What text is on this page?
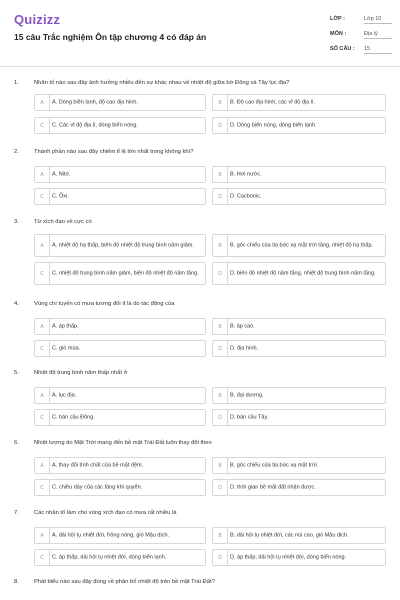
Quizizz
15 câu Trắc nghiệm Ôn tập chương 4 có đáp án
LỚP :	Lớp 10
MÔN :	Địa lý
SỐ CÂU : 15
1.	Nhân tố nào sau đây ảnh hưởng nhiều đến sự khác nhau về nhiệt độ giữa bờ Đông và Tây lục địa?
A	A. Dòng biển lạnh, độ cao địa hình.	B	B. Độ cao địa hình, các vĩ độ địa lí.
C	C. Các vĩ độ địa lí, dòng biển nóng.	D	D. Dòng biển nóng, dòng biển lạnh.
2.	Thành phần nào sau đây chiếm tỉ lệ lớn nhất trong không khí?
A	A. Nitơ.	B	B. Hơi nước.
C	C. Ôxi.	D	D. Cacbonic.
3.	Từ xích đạo về cực có
A	A. nhiệt độ hạ thấp, biên độ nhiệt độ trung bình năm giảm.	B	B. góc chiếu của tia bức xạ mặt trời tăng, nhiệt độ hạ thấp.
C	C. nhiệt độ trung bình năm giảm, biên độ nhiệt độ năm tăng.	D	D. biên độ nhiệt độ năm tăng, nhiệt độ trung bình năm tăng.
4.	Vùng chí tuyến có mưa tương đối ít là do tác động của
A	A. áp thấp.	B	B. áp cao.
C	C. gió mùa.	D	D. địa hình.
5.	Nhiệt độ trung bình năm thấp nhất ở
A	A. lục địa.	B	B. đại dương.
C	C. bán cầu Đông.	D	D. bán cầu Tây.
6.	Nhiệt lượng do Mặt Trời mang đến bề mặt Trái Đất luôn thay đổi theo
A	A. thay đổi tính chất của bề mặt đệm.	B	B. góc chiếu của tia bức xạ mặt trời.
C	C. chiều dày của các tầng khí quyển.	D	D. thời gian bề mặt đất nhận được.
7.	Các nhân tố làm cho vùng xích đạo có mưa rất nhiều là
A	A. dải hội tụ nhiệt đới, frông nóng, gió Mậu dịch.	B	B. dải hội tụ nhiệt đới, các núi cao, gió Mậu dịch.
C	C. áp thấp, dải hội tụ nhiệt đới, dòng biển lạnh.	D	D. áp thấp, dải hội tụ nhiệt đới, dòng biển nóng.
8.	Phát biểu nào sau đây đúng về phân bố nhiệt độ trên bề mặt Trái Đất?
